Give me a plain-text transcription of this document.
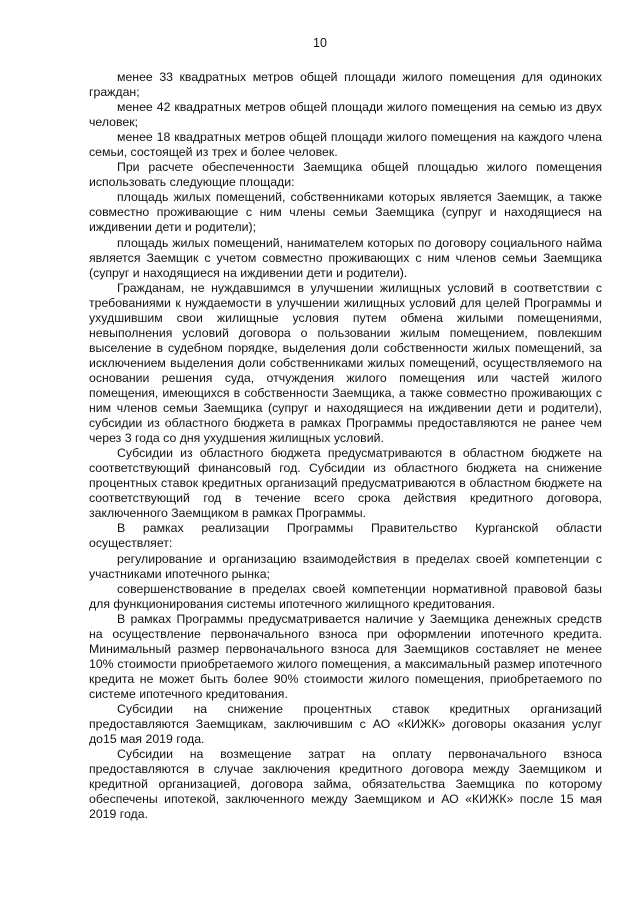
10

менее 33 квадратных метров общей площади жилого помещения для одиноких граждан;

менее 42 квадратных метров общей площади жилого помещения на семью из двух человек;

менее 18 квадратных метров общей площади жилого помещения на каждого члена семьи, состоящей из трех и более человек.

При расчете обеспеченности Заемщика общей площадью жилого помещения использовать следующие площади:

площадь жилых помещений, собственниками которых является Заемщик, а также совместно проживающие с ним члены семьи Заемщика (супруг и находящиеся на иждивении дети и родители);

площадь жилых помещений, нанимателем которых по договору социального найма является Заемщик с учетом совместно проживающих с ним членов семьи Заемщика (супруг и находящиеся на иждивении дети и родители).

Гражданам, не нуждавшимся в улучшении жилищных условий в соответствии с требованиями к нуждаемости в улучшении жилищных условий для целей Программы и ухудшившим свои жилищные условия путем обмена жилыми помещениями, невыполнения условий договора о пользовании жилым помещением, повлекшим выселение в судебном порядке, выделения доли собственности жилых помещений, за исключением выделения доли собственниками жилых помещений, осуществляемого на основании решения суда, отчуждения жилого помещения или частей жилого помещения, имеющихся в собственности Заемщика, а также совместно проживающих с ним членов семьи Заемщика (супруг и находящиеся на иждивении дети и родители), субсидии из областного бюджета в рамках Программы предоставляются не ранее чем через 3 года со дня ухудшения жилищных условий.

Субсидии из областного бюджета предусматриваются в областном бюджете на соответствующий финансовый год. Субсидии из областного бюджета на снижение процентных ставок кредитных организаций предусматриваются в областном бюджете на соответствующий год в течение всего срока действия кредитного договора, заключенного Заемщиком в рамках Программы.

В рамках реализации Программы Правительство Курганской области осуществляет:

регулирование и организацию взаимодействия в пределах своей компетенции с участниками ипотечного рынка;

совершенствование в пределах своей компетенции нормативной правовой базы для функционирования системы ипотечного жилищного кредитования.

В рамках Программы предусматривается наличие у Заемщика денежных средств на осуществление первоначального взноса при оформлении ипотечного кредита. Минимальный размер первоначального взноса для Заемщиков составляет не менее 10% стоимости приобретаемого жилого помещения, а максимальный размер ипотечного кредита не может быть более 90% стоимости жилого помещения, приобретаемого по системе ипотечного кредитования.

Субсидии на снижение процентных ставок кредитных организаций предоставляются Заемщикам, заключившим с АО «КИЖК» договоры оказания услуг до15 мая 2019 года.

Субсидии на возмещение затрат на оплату первоначального взноса предоставляются в случае заключения кредитного договора между Заемщиком и кредитной организацией, договора займа, обязательства Заемщика по которому обеспечены ипотекой, заключенного между Заемщиком и АО «КИЖК» после 15 мая 2019 года.
